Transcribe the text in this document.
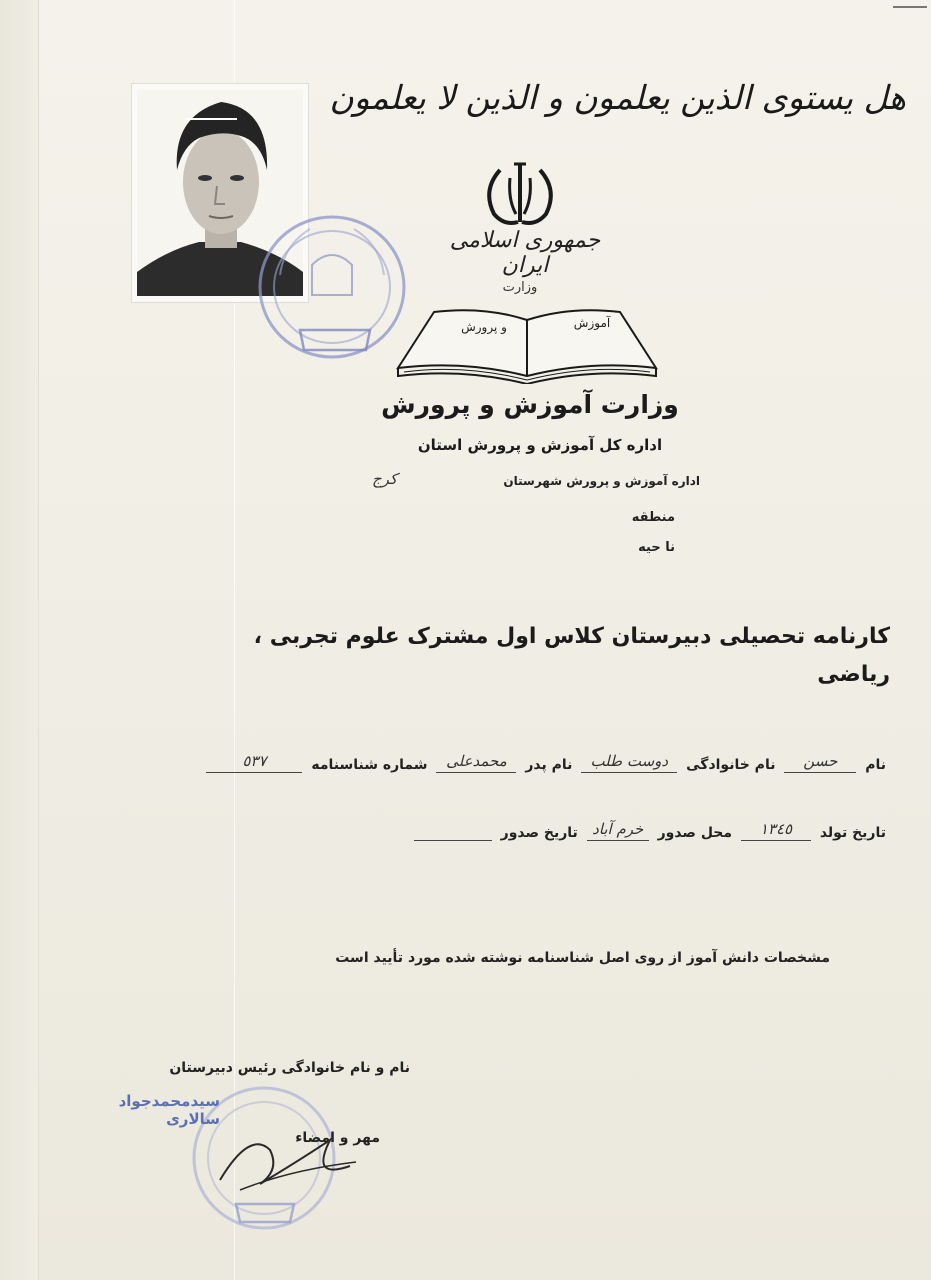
هل یستوی الذین یعلمون و الذین لا یعلمون
جمهوری اسلامی ایران
وزارت
و پرورش	آموزش
وزارت آموزش و پرورش
اداره کل آموزش و پرورش استان
اداره آموزش و پرورش شهرستان
کرج
منطقه
نا حیه
کارنامه تحصیلی دبیرستان کلاس اول مشترک علوم تجربی ، ریاضی
نام حسن نام خانوادگی دوست‌ طلب نام پدر محمدعلی شماره شناسنامه ٥٣٧
تاریخ تولد ١٣٤٥ محل صدور خرم آباد تاریخ صدور
مشخصات دانش آموز از روی اصل شناسنامه نوشته شده مورد تأیید است
نام و نام خانوادگی رئیس دبیرستان
سیدمحمدجواد سالاری
مهر و امضاء
